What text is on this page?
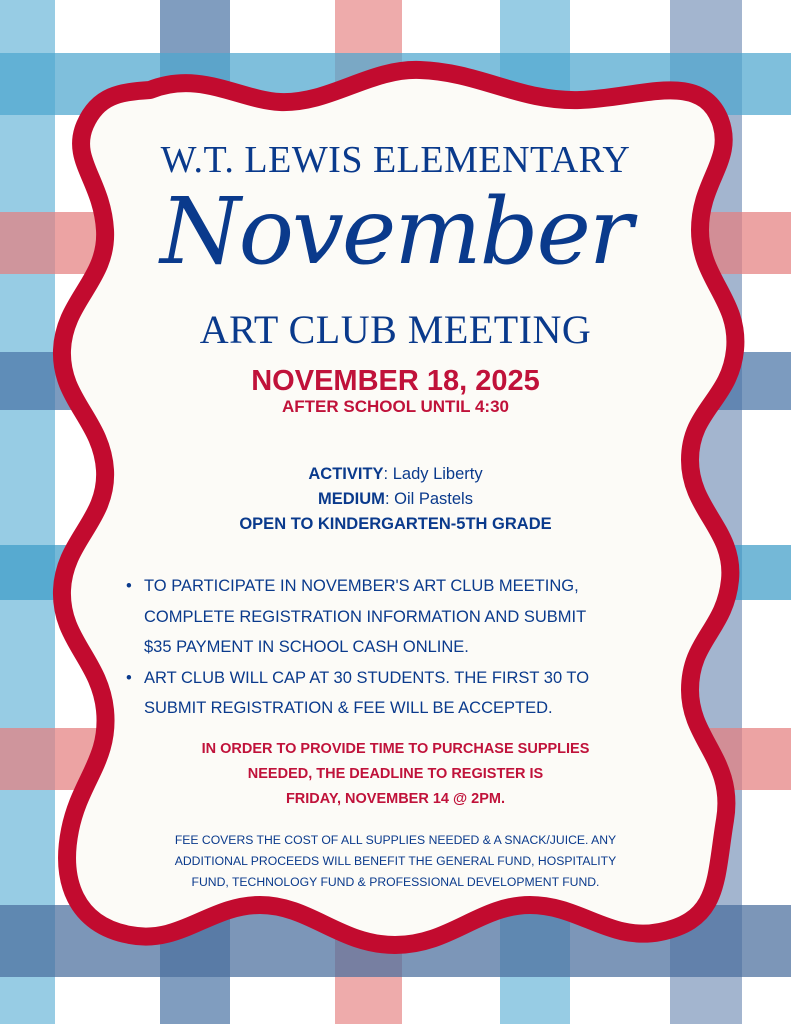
W.T. LEWIS ELEMENTARY
November
ART CLUB MEETING
NOVEMBER 18, 2025
AFTER SCHOOL UNTIL 4:30
ACTIVITY: Lady Liberty
MEDIUM: Oil Pastels
OPEN TO KINDERGARTEN-5TH GRADE
• TO PARTICIPATE IN NOVEMBER'S ART CLUB MEETING,
COMPLETE REGISTRATION INFORMATION AND SUBMIT
$35 PAYMENT IN SCHOOL CASH ONLINE.
• ART CLUB WILL CAP AT 30 STUDENTS. THE FIRST 30 TO
SUBMIT REGISTRATION & FEE WILL BE ACCEPTED.
IN ORDER TO PROVIDE TIME TO PURCHASE SUPPLIES
NEEDED, THE DEADLINE TO REGISTER IS
FRIDAY, NOVEMBER 14 @ 2PM.
FEE COVERS THE COST OF ALL SUPPLIES NEEDED & A SNACK/JUICE. ANY
ADDITIONAL PROCEEDS WILL BENEFIT THE GENERAL FUND, HOSPITALITY
FUND, TECHNOLOGY FUND & PROFESSIONAL DEVELOPMENT FUND.
